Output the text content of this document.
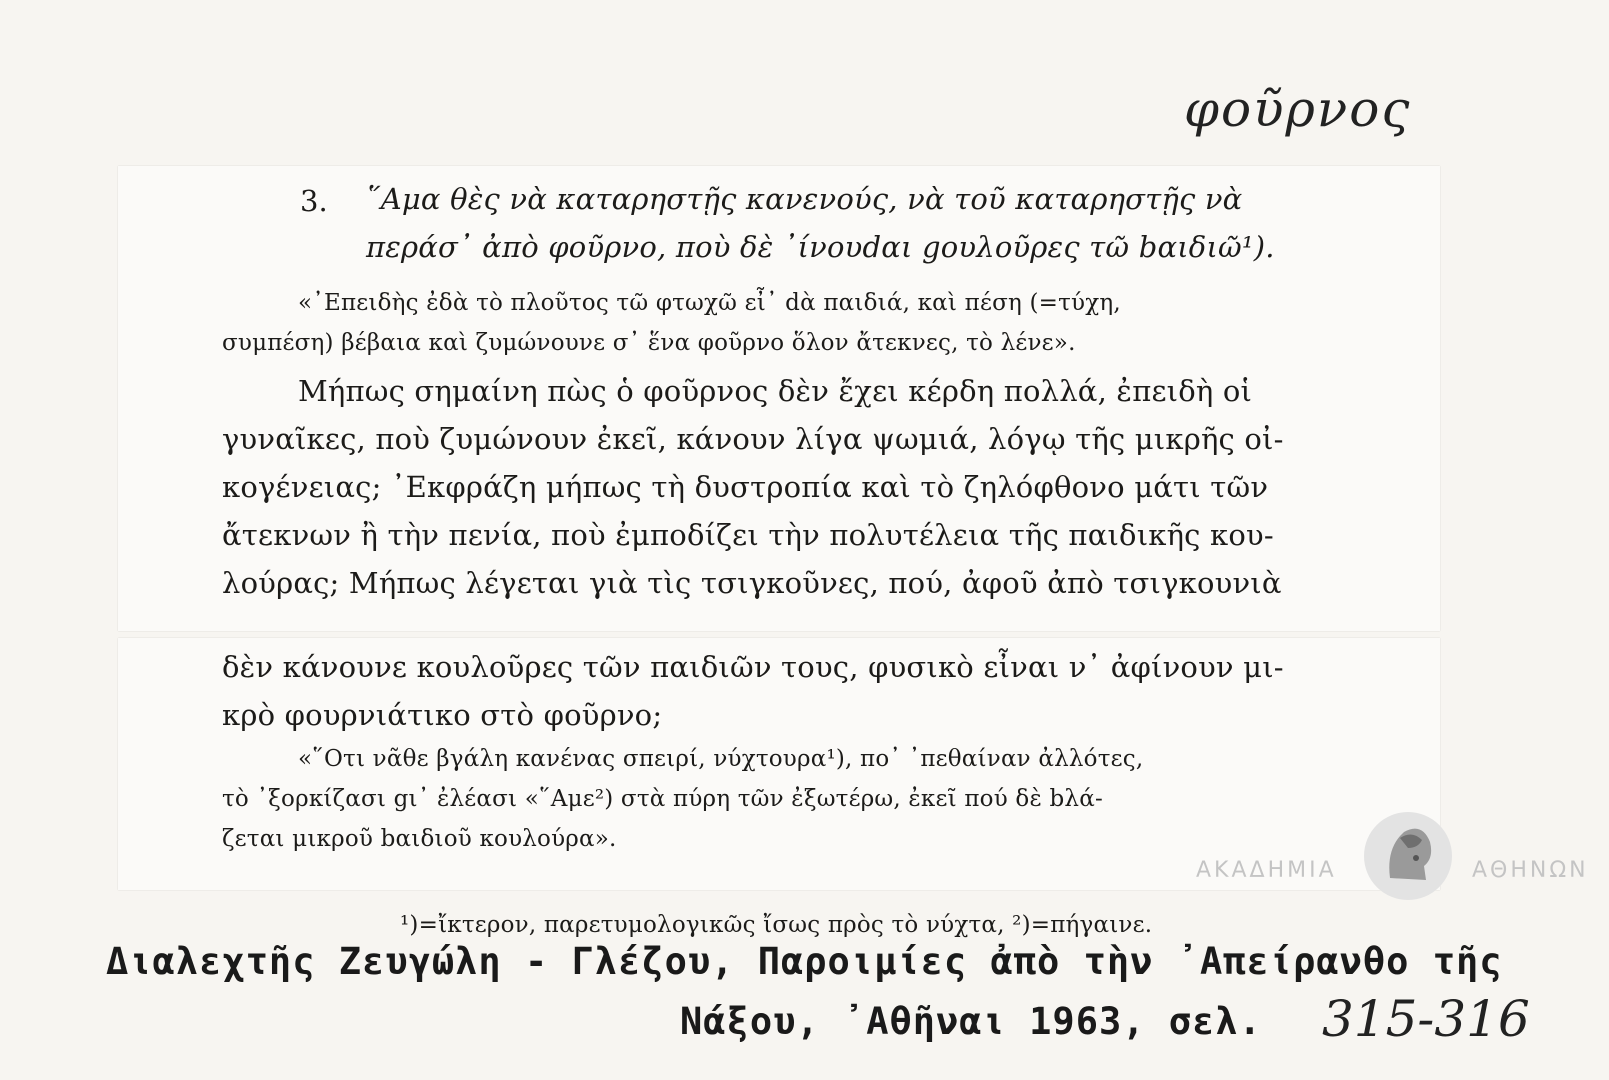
φοῦρνος
3. ῞Αμα θὲς νὰ καταρηστῇς κανενούς, νὰ τοῦ καταρηστῇς νὰ
περάσ᾽ ἀπὸ φοῦρνο, ποὺ δὲ ᾽ίνουdαι gουλοῦρες τῶ bαιδιῶ¹).
«᾽Επειδὴς ἐδὰ τὸ πλοῦτος τῶ φτωχῶ εἶ᾽ dὰ παιδιά, καὶ πέση (=τύχη,
συμπέση) βέβαια καὶ ζυμώνουνε σ᾽ ἕνα φοῦρνο ὅλον ἄτεκνες, τὸ λένε».
Μήπως σημαίνη πὼς ὁ φοῦρνος δὲν ἔχει κέρδη πολλά, ἐπειδὴ οἱ
γυναῖκες, ποὺ ζυμώνουν ἐκεῖ, κάνουν λίγα ψωμιά, λόγῳ τῆς μικρῆς οἰ-
κογένειας; ᾽Εκφράζη μήπως τὴ δυστροπία καὶ τὸ ζηλόφθονο μάτι τῶν
ἄτεκνων ἢ τὴν πενία, ποὺ ἐμποδίζει τὴν πολυτέλεια τῆς παιδικῆς κου-
λούρας; Μήπως λέγεται γιὰ τὶς τσιγκοῦνες, πού, ἀφοῦ ἀπὸ τσιγκουνιὰ
δὲν κάνουνε κουλοῦρες τῶν παιδιῶν τους, φυσικὸ εἶναι ν᾽ ἀφίνουν μι-
κρὸ φουρνιάτικο στὸ φοῦρνο;
«῞Οτι νᾶθε βγάλη κανένας σπειρί, νύχτουρα¹), πο᾽ ᾽πεθαίναν ἀλλότες,
τὸ ᾽ξορκίζασι gι᾽ ἐλέασι «῞Αμε²) στὰ πύρη τῶν ἐξωτέρω, ἐκεῖ πού δὲ bλά-
ζεται μικροῦ bαιδιοῦ κουλούρα».
ΑΚΑΔΗΜΙΑ	ΑΘΗΝΩΝ
¹)=ἴκτερον, παρετυμολογικῶς ἴσως πρὸς τὸ νύχτα, ²)=πήγαινε.
Διαλεχτῆς Ζευγώλη - Γλέζου, Παροιμίες ἀπὸ τὴν ᾽Απείρανθο τῆς
Νάξου, ᾽Αθῆναι 1963, σελ. 315-316
